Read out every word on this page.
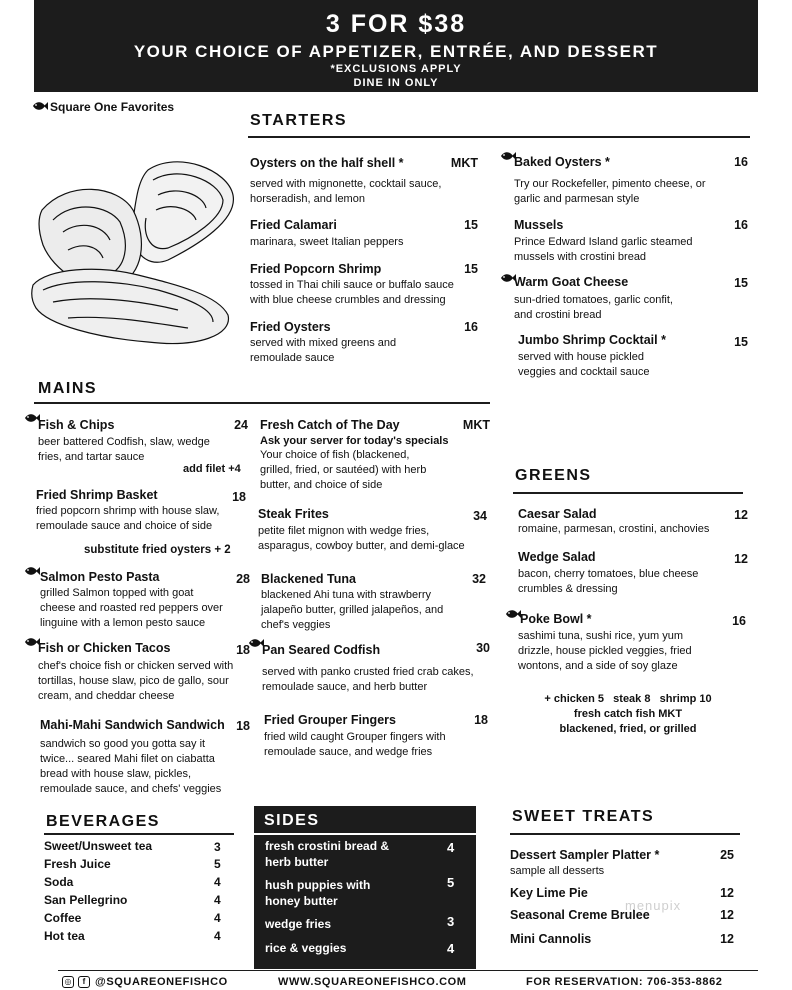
3 FOR $38
YOUR CHOICE OF APPETIZER, ENTRÉE, AND DESSERT
*EXCLUSIONS APPLY
DINE IN ONLY
Square One Favorites
STARTERS
Oysters on the half shell *	MKT
served with mignonette, cocktail sauce,
horseradish, and lemon
Fried Calamari	15
marinara, sweet Italian peppers
Fried Popcorn Shrimp	15
tossed in Thai chili sauce or buffalo sauce
with blue cheese crumbles and dressing
Fried Oysters	16
served with mixed greens and
remoulade sauce
Baked Oysters *	16
Try our Rockefeller, pimento cheese, or
garlic and parmesan style
Mussels	16
Prince Edward Island garlic steamed
mussels with crostini bread
Warm Goat Cheese	15
sun-dried tomatoes, garlic confit,
and crostini bread
Jumbo Shrimp Cocktail *	15
served with house pickled
veggies and cocktail sauce
MAINS
Fish & Chips	24
beer battered Codfish, slaw, wedge
fries, and tartar sauce
add filet +4
Fried Shrimp Basket	18
fried popcorn shrimp with house slaw,
remoulade sauce and choice of side
substitute fried oysters + 2
Salmon Pesto Pasta	28
grilled Salmon topped with goat
cheese and roasted red peppers over
linguine with a lemon pesto sauce
Fish or Chicken Tacos	18
chef's choice fish or chicken served with
tortillas, house slaw, pico de gallo, sour
cream, and cheddar cheese
Mahi-Mahi Sandwich Sandwich 18
sandwich so good you gotta say it
twice... seared Mahi filet on ciabatta
bread with house slaw, pickles,
remoulade sauce, and chefs' veggies
Fresh Catch of The Day	MKT
Ask your server for today's specials
Your choice of fish (blackened,
grilled, fried, or sautéed) with herb
butter, and choice of side
Steak Frites	34
petite filet mignon with wedge fries,
asparagus, cowboy butter, and demi-glace
Blackened Tuna	32
blackened Ahi tuna with strawberry
jalapeño butter, grilled jalapeños, and
chef's veggies
Pan Seared Codfish	30
served with panko crusted fried crab cakes,
remoulade sauce, and herb butter
Fried Grouper Fingers	18
fried wild caught Grouper fingers with
remoulade sauce, and wedge fries
GREENS
Caesar Salad	12
romaine, parmesan, crostini, anchovies
Wedge Salad	12
bacon, cherry tomatoes, blue cheese
crumbles & dressing
Poke Bowl *	16
sashimi tuna, sushi rice, yum yum
drizzle, house pickled veggies, fried
wontons, and a side of soy glaze
+ chicken 5   steak 8   shrimp 10
fresh catch fish MKT
blackened, fried, or grilled
BEVERAGES
Sweet/Unsweet tea	3
Fresh Juice	5
Soda	4
San Pellegrino	4
Coffee	4
Hot tea	4
SIDES
fresh crostini bread &
herb butter
4
hush puppies with
honey butter
5
wedge fries	3
rice & veggies	4
SWEET TREATS
Dessert Sampler Platter *	25
sample all desserts
Key Lime Pie	12
Seasonal Creme Brulee	12
Mini Cannolis	12
menupix
◎	f @SQUAREONEFISHCO	WWW.SQUAREONEFISHCO.COM	FOR RESERVATION: 706-353-8862
